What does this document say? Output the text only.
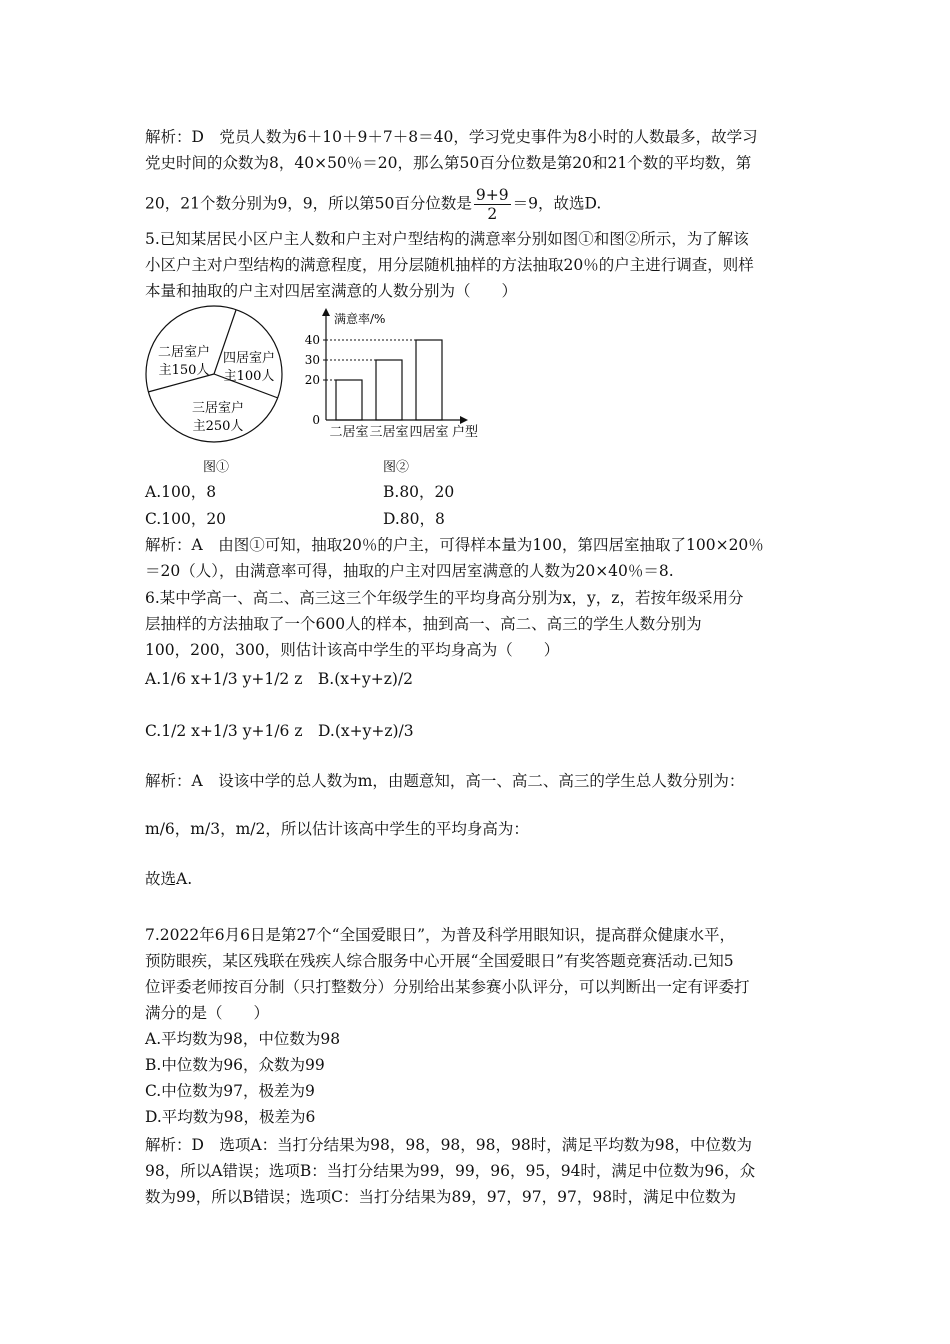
解析：D　党员人数为6＋10＋9＋7＋8＝40，学习党史事件为8小时的人数最多，故学习
党史时间的众数为8，40×50％＝20，那么第50百分位数是第20和21个数的平均数，第
20，21个数分别为9，9，所以第50百分位数是 $\frac{9+9}{2} =9$，故选D.
5.已知某居民小区户主人数和户主对户型结构的满意率分别如图①和图②所示，为了解该
小区户主对户型结构的满意程度，用分层随机抽样的方法抽取20％的户主进行调查，则样
本量和抽取的户主对四居室满意的人数分别为（　　）
二居室户
主150人
四居室户
主100人
三居室户
主250人
图①
满意率/%
户型
0
20
30
40
二居室 三居室 四居室
图②
A.100，8	B.80，20
C.100，20	D.80，8
解析：A　由图①可知，抽取20％的户主，可得样本量为100，第四居室抽取了100×20％
＝20（人），由满意率可得，抽取的户主对四居室满意的人数为20×40％＝8.
6.某中学高一、高二、高三这三个年级学生的平均身高分别为x，y，z，若按年级采用分
层抽样的方法抽取了一个600人的样本，抽到高一、高二、高三的学生人数分别为
100，200，300，则估计该高中学生的平均身高为（　　）
A.1/6 x+1/3 y+1/2 z　 B.(x+y+z)/2
C.1/2 x+1/3 y+1/6 z　 D.(x+y+z)/3
解析：A　设该中学的总人数为m，由题意知，高一、高二、高三的学生总人数分别为：
m/6，m/3，m/2，所以估计该高中学生的平均身高为：
故选A.
7.2022年6月6日是第27个“全国爱眼日”，为普及科学用眼知识，提高群众健康水平，
预防眼疾，某区残联在残疾人综合服务中心开展“全国爱眼日”有奖答题竞赛活动.已知5
位评委老师按百分制（只打整数分）分别给出某参赛小队评分，可以判断出一定有评委打
满分的是（　　）
A.平均数为98，中位数为98
B.中位数为96，众数为99
C.中位数为97，极差为9
D.平均数为98，极差为6
解析：D　选项A：当打分结果为98，98，98，98，98时，满足平均数为98，中位数为
98，所以A错误；选项B：当打分结果为99，99，96，95，94时，满足中位数为96，众
数为99，所以B错误；选项C：当打分结果为89，97，97，97，98时，满足中位数为
